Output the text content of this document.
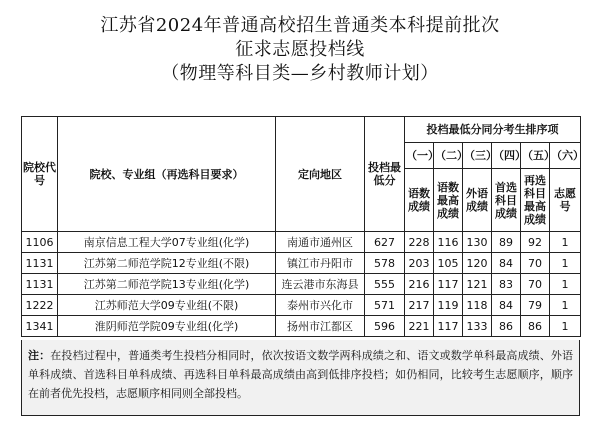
江苏省2024年普通高校招生普通类本科提前批次
征求志愿投档线
（物理等科目类—乡村教师计划）
院校代号	院校、专业组（再选科目要求）	定向地区	投档最低分	投档最低分同分考生排序项					
				（一）	（二）	（三）	（四）	（五）	（六）
				语数成绩	语数最高成绩	外语成绩	首选科目成绩	再选科目最高成绩	志愿号
1106	南京信息工程大学07专业组(化学)	南通市通州区	627	228	116	130	89	92	1
1131	江苏第二师范学院12专业组(不限)	镇江市丹阳市	578	203	105	120	84	70	1
1131	江苏第二师范学院13专业组(化学)	连云港市东海县	555	216	117	121	83	70	1
1222	江苏师范大学09专业组(不限)	泰州市兴化市	571	217	119	118	84	79	1
1341	淮阴师范学院09专业组(化学)	扬州市江都区	596	221	117	133	86	86	1
注：在投档过程中，普通类考生投档分相同时，依次按语文数学两科成绩之和、语文或数学单科最高成绩、外语单科成绩、首选科目单科成绩、再选科目单科最高成绩由高到低排序投档；如仍相同，比较考生志愿顺序，顺序在前者优先投档，志愿顺序相同则全部投档。
